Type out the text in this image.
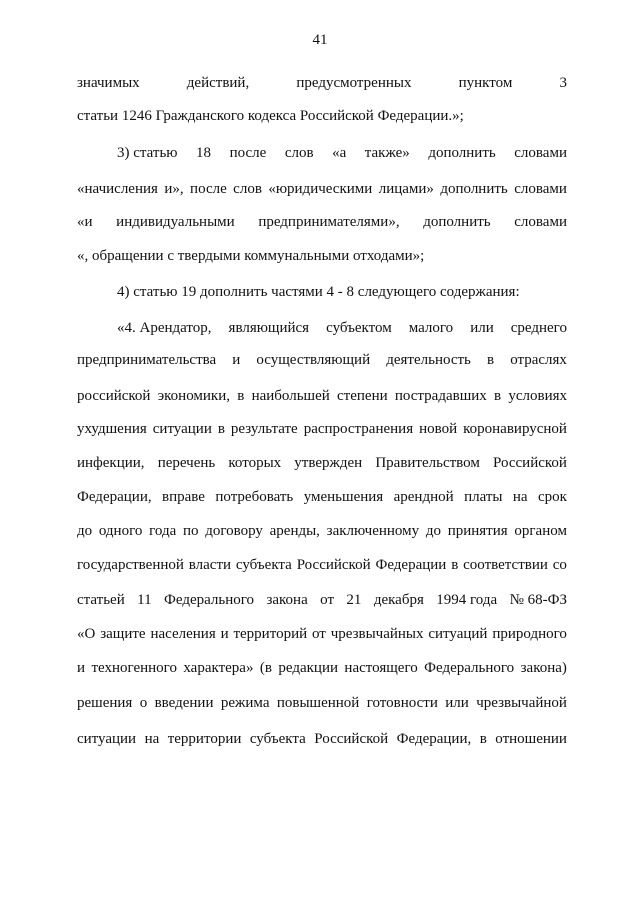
41
значимых	действий,	предусмотренных	пунктом	3
статьи 1246 Гражданского кодекса Российской Федерации.»;
3) статью 18 после слов «а также» дополнить словами
«начисления и», после слов «юридическими лицами» дополнить словами
«и индивидуальными предпринимателями», дополнить словами
«, обращении с твердыми коммунальными отходами»;
4) статью 19 дополнить частями 4 - 8 следующего содержания:
«4. Арендатор, являющийся субъектом малого или среднего
предпринимательства и осуществляющий деятельность в отраслях
российской экономики, в наибольшей степени пострадавших в условиях
ухудшения ситуации в результате распространения новой коронавирусной
инфекции, перечень которых утвержден Правительством Российской
Федерации, вправе потребовать уменьшения арендной платы на срок
до одного года по договору аренды, заключенному до принятия органом
государственной власти субъекта Российской Федерации в соответствии со
статьей 11 Федерального закона от 21 декабря 1994 года № 68-ФЗ
«О защите населения и территорий от чрезвычайных ситуаций природного
и техногенного характера» (в редакции настоящего Федерального закона)
решения о введении режима повышенной готовности или чрезвычайной
ситуации на территории субъекта Российской Федерации, в отношении
